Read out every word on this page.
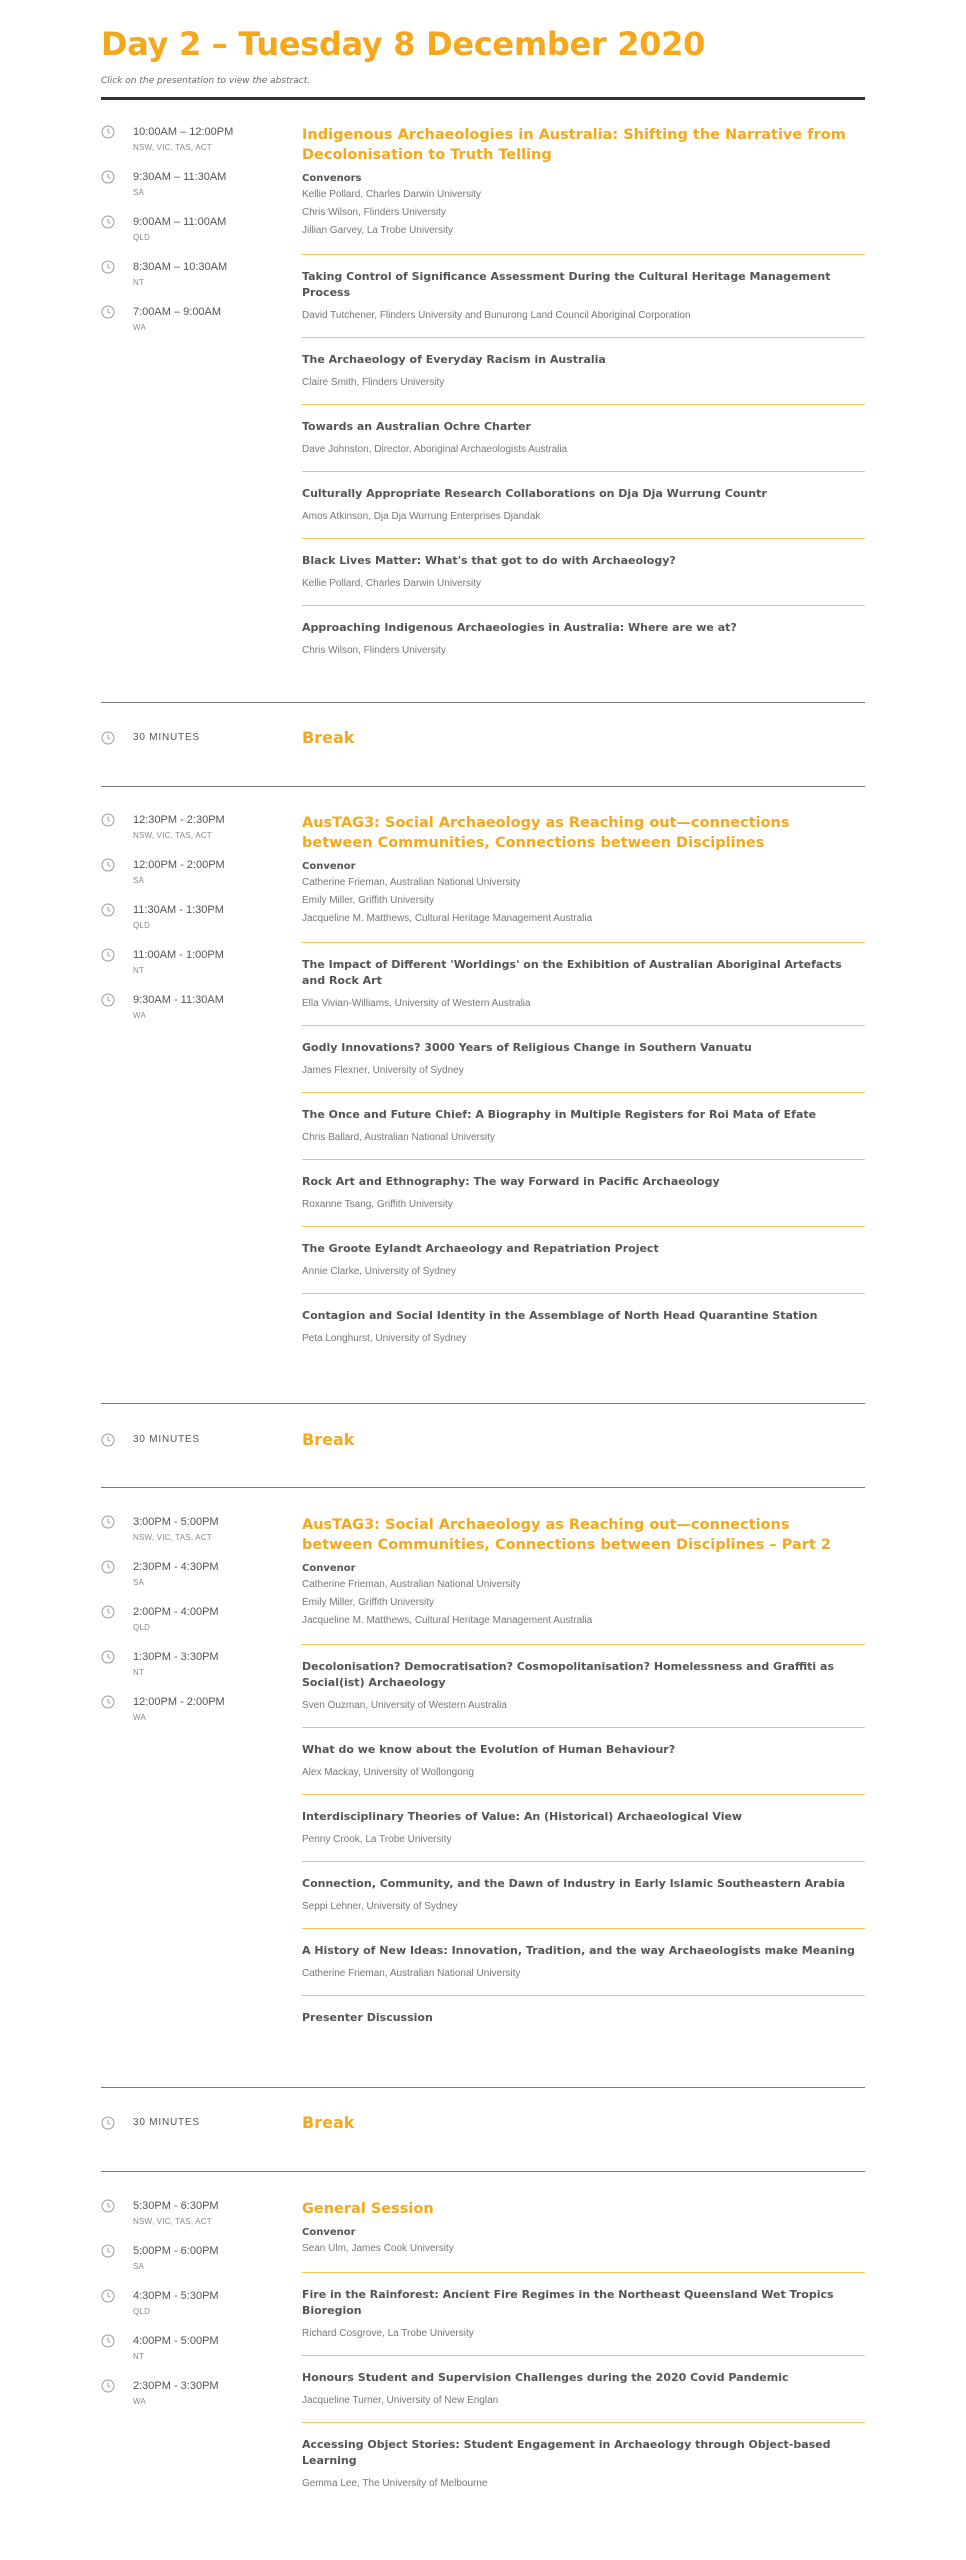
Day 2 – Tuesday 8 December 2020
Click on the presentation to view the abstract.
10:00AM – 12:00PM
NSW, VIC, TAS, ACT
9:30AM – 11:30AM
SA
9:00AM – 11:00AM
QLD
8:30AM – 10:30AM
NT
7:00AM – 9:00AM
WA
Indigenous Archaeologies in Australia: Shifting the Narrative from Decolonisation to Truth Telling
Convenors
Kellie Pollard, Charles Darwin University
Chris Wilson, Flinders University
Jillian Garvey, La Trobe University
Taking Control of Significance Assessment During the Cultural Heritage Management Process
David Tutchener, Flinders University and Bunurong Land Council Aboriginal Corporation
The Archaeology of Everyday Racism in Australia
Claire Smith, Flinders University
Towards an Australian Ochre Charter
Dave Johnston, Director, Aboriginal Archaeologists Australia
Culturally Appropriate Research Collaborations on Dja Dja Wurrung Countr
Amos Atkinson, Dja Dja Wurrung Enterprises Djandak
Black Lives Matter: What's that got to do with Archaeology?
Kellie Pollard, Charles Darwin University
Approaching Indigenous Archaeologies in Australia: Where are we at?
Chris Wilson, Flinders University
30 MINUTES	Break
12:30PM - 2:30PM
NSW, VIC, TAS, ACT
12:00PM - 2:00PM
SA
11:30AM - 1:30PM
QLD
11:00AM - 1:00PM
NT
9:30AM - 11:30AM
WA
AusTAG3: Social Archaeology as Reaching out—connections between Communities, Connections between Disciplines
Convenor
Catherine Frieman, Australian National University
Emily Miller, Griffith University
Jacqueline M. Matthews, Cultural Heritage Management Australia
The Impact of Different 'Worldings' on the Exhibition of Australian Aboriginal Artefacts and Rock Art
Ella Vivian-Williams, University of Western Australia
Godly Innovations? 3000 Years of Religious Change in Southern Vanuatu
James Flexner, University of Sydney
The Once and Future Chief: A Biography in Multiple Registers for Roi Mata of Efate
Chris Ballard, Australian National University
Rock Art and Ethnography: The way Forward in Pacific Archaeology
Roxanne Tsang, Griffith University
The Groote Eylandt Archaeology and Repatriation Project
Annie Clarke, University of Sydney
Contagion and Social Identity in the Assemblage of North Head Quarantine Station
Peta Longhurst, University of Sydney
30 MINUTES	Break
3:00PM - 5:00PM
NSW, VIC, TAS, ACT
2:30PM - 4:30PM
SA
2:00PM - 4:00PM
QLD
1:30PM - 3:30PM
NT
12:00PM - 2:00PM
WA
AusTAG3: Social Archaeology as Reaching out—connections between Communities, Connections between Disciplines – Part 2
Convenor
Catherine Frieman, Australian National University
Emily Miller, Griffith University
Jacqueline M. Matthews, Cultural Heritage Management Australia
Decolonisation? Democratisation? Cosmopolitanisation? Homelessness and Graffiti as Social(ist) Archaeology
Sven Ouzman, University of Western Australia
What do we know about the Evolution of Human Behaviour?
Alex Mackay, University of Wollongong
Interdisciplinary Theories of Value: An (Historical) Archaeological View
Penny Crook, La Trobe University
Connection, Community, and the Dawn of Industry in Early Islamic Southeastern Arabia
Seppi Lehner, University of Sydney
A History of New Ideas: Innovation, Tradition, and the way Archaeologists make Meaning
Catherine Frieman, Australian National University
Presenter Discussion
30 MINUTES	Break
5:30PM - 6:30PM
NSW, VIC, TAS, ACT
5:00PM - 6:00PM
SA
4:30PM - 5:30PM
QLD
4:00PM - 5:00PM
NT
2:30PM - 3:30PM
WA
General Session
Convenor
Sean Ulm, James Cook University
Fire in the Rainforest: Ancient Fire Regimes in the Northeast Queensland Wet Tropics Bioregion
Richard Cosgrove, La Trobe University
Honours Student and Supervision Challenges during the 2020 Covid Pandemic
Jacqueline Turner, University of New Englan
Accessing Object Stories: Student Engagement in Archaeology through Object-based Learning
Gemma Lee, The University of Melbourne
